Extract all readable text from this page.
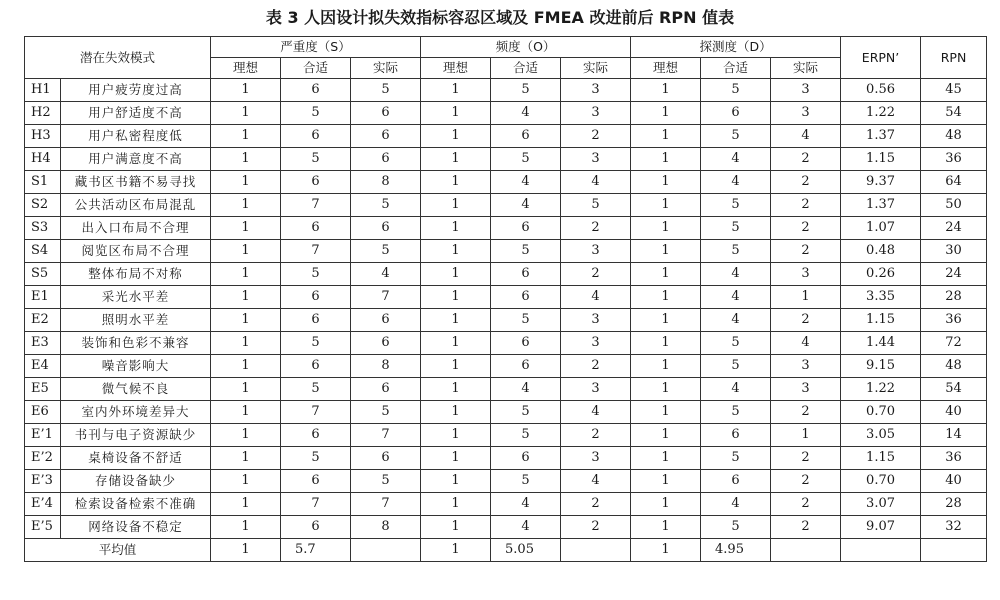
表 3 人因设计拟失效指标容忍区域及 FMEA 改进前后 RPN 值表
潜在失效模式		严重度（S）			频度（O）			探测度（D）			ERPN’	RPN
		理想	合适	实际	理想	合适	实际	理想	合适	实际		
H1	用户疲劳度过高	1	6	5	1	5	3	1	5	3	0.56	45
H2	用户舒适度不高	1	5	6	1	4	3	1	6	3	1.22	54
H3	用户私密程度低	1	6	6	1	6	2	1	5	4	1.37	48
H4	用户满意度不高	1	5	6	1	5	3	1	4	2	1.15	36
S1	藏书区书籍不易寻找	1	6	8	1	4	4	1	4	2	9.37	64
S2	公共活动区布局混乱	1	7	5	1	4	5	1	5	2	1.37	50
S3	出入口布局不合理	1	6	6	1	6	2	1	5	2	1.07	24
S4	阅览区布局不合理	1	7	5	1	5	3	1	5	2	0.48	30
S5	整体布局不对称	1	5	4	1	6	2	1	4	3	0.26	24
E1	采光水平差	1	6	7	1	6	4	1	4	1	3.35	28
E2	照明水平差	1	6	6	1	5	3	1	4	2	1.15	36
E3	装饰和色彩不兼容	1	5	6	1	6	3	1	5	4	1.44	72
E4	噪音影响大	1	6	8	1	6	2	1	5	3	9.15	48
E5	微气候不良	1	5	6	1	4	3	1	4	3	1.22	54
E6	室内外环境差异大	1	7	5	1	5	4	1	5	2	0.70	40
E’1	书刊与电子资源缺少	1	6	7	1	5	2	1	6	1	3.05	14
E’2	桌椅设备不舒适	1	5	6	1	6	3	1	5	2	1.15	36
E’3	存储设备缺少	1	6	5	1	5	4	1	6	2	0.70	40
E’4	检索设备检索不准确	1	7	7	1	4	2	1	4	2	3.07	28
E’5	网络设备不稳定	1	6	8	1	4	2	1	5	2	9.07	32
平均值		1	5.7		1	5.05		1	4.95			
